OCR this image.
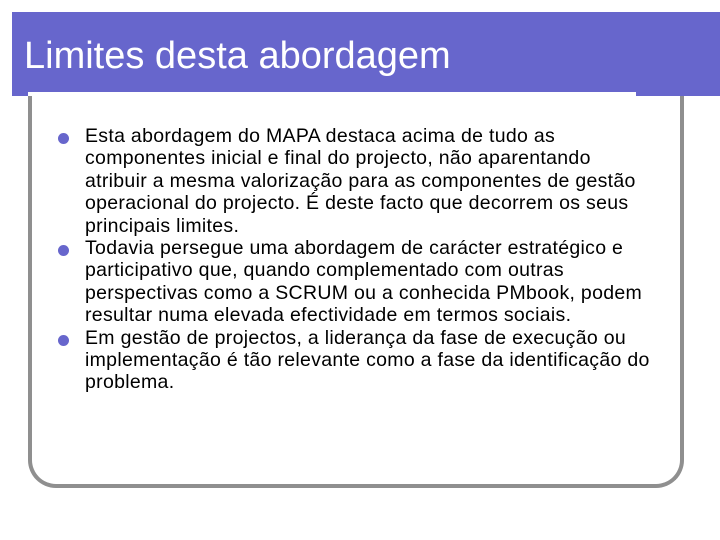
Limites desta abordagem
Esta abordagem do MAPA destaca acima de tudo as componentes inicial e final do projecto, não aparentando atribuir a mesma valorização para as componentes de gestão operacional do projecto. É deste facto que decorrem os seus principais limites.
Todavia persegue uma abordagem de carácter estratégico e participativo que, quando complementado com outras perspectivas como a SCRUM ou a conhecida PMbook, podem resultar numa elevada efectividade em termos sociais.
Em gestão de projectos, a liderança da fase de execução ou implementação é tão relevante como a fase da identificação do problema.
